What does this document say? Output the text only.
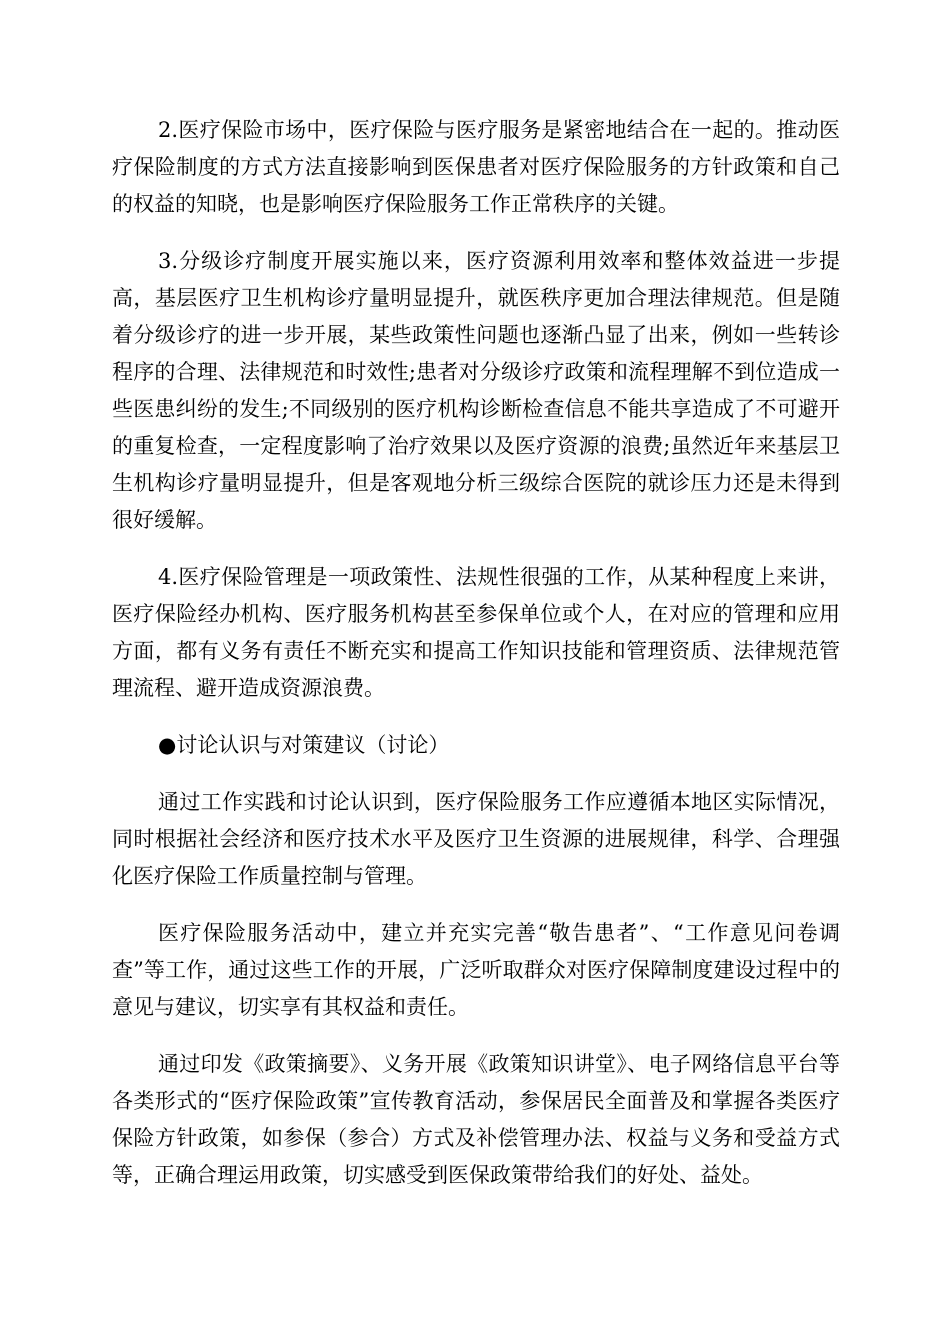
2.医疗保险市场中，医疗保险与医疗服务是紧密地结合在一起的。推动医疗保险制度的方式方法直接影响到医保患者对医疗保险服务的方针政策和自己的权益的知晓，也是影响医疗保险服务工作正常秩序的关键。

3.分级诊疗制度开展实施以来，医疗资源利用效率和整体效益进一步提高，基层医疗卫生机构诊疗量明显提升，就医秩序更加合理法律规范。但是随着分级诊疗的进一步开展，某些政策性问题也逐渐凸显了出来，例如一些转诊程序的合理、法律规范和时效性;患者对分级诊疗政策和流程理解不到位造成一些医患纠纷的发生;不同级别的医疗机构诊断检查信息不能共享造成了不可避开的重复检查，一定程度影响了治疗效果以及医疗资源的浪费;虽然近年来基层卫生机构诊疗量明显提升，但是客观地分析三级综合医院的就诊压力还是未得到很好缓解。

4.医疗保险管理是一项政策性、法规性很强的工作，从某种程度上来讲，医疗保险经办机构、医疗服务机构甚至参保单位或个人，在对应的管理和应用方面，都有义务有责任不断充实和提高工作知识技能和管理资质、法律规范管理流程、避开造成资源浪费。

●讨论认识与对策建议（讨论）

通过工作实践和讨论认识到，医疗保险服务工作应遵循本地区实际情况，同时根据社会经济和医疗技术水平及医疗卫生资源的进展规律，科学、合理强化医疗保险工作质量控制与管理。

医疗保险服务活动中，建立并充实完善“敬告患者”、“工作意见问卷调查”等工作，通过这些工作的开展，广泛听取群众对医疗保障制度建设过程中的意见与建议，切实享有其权益和责任。

通过印发《政策摘要》、义务开展《政策知识讲堂》、电子网络信息平台等各类形式的“医疗保险政策”宣传教育活动，参保居民全面普及和掌握各类医疗保险方针政策，如参保（参合）方式及补偿管理办法、权益与义务和受益方式等，正确合理运用政策，切实感受到医保政策带给我们的好处、益处。
